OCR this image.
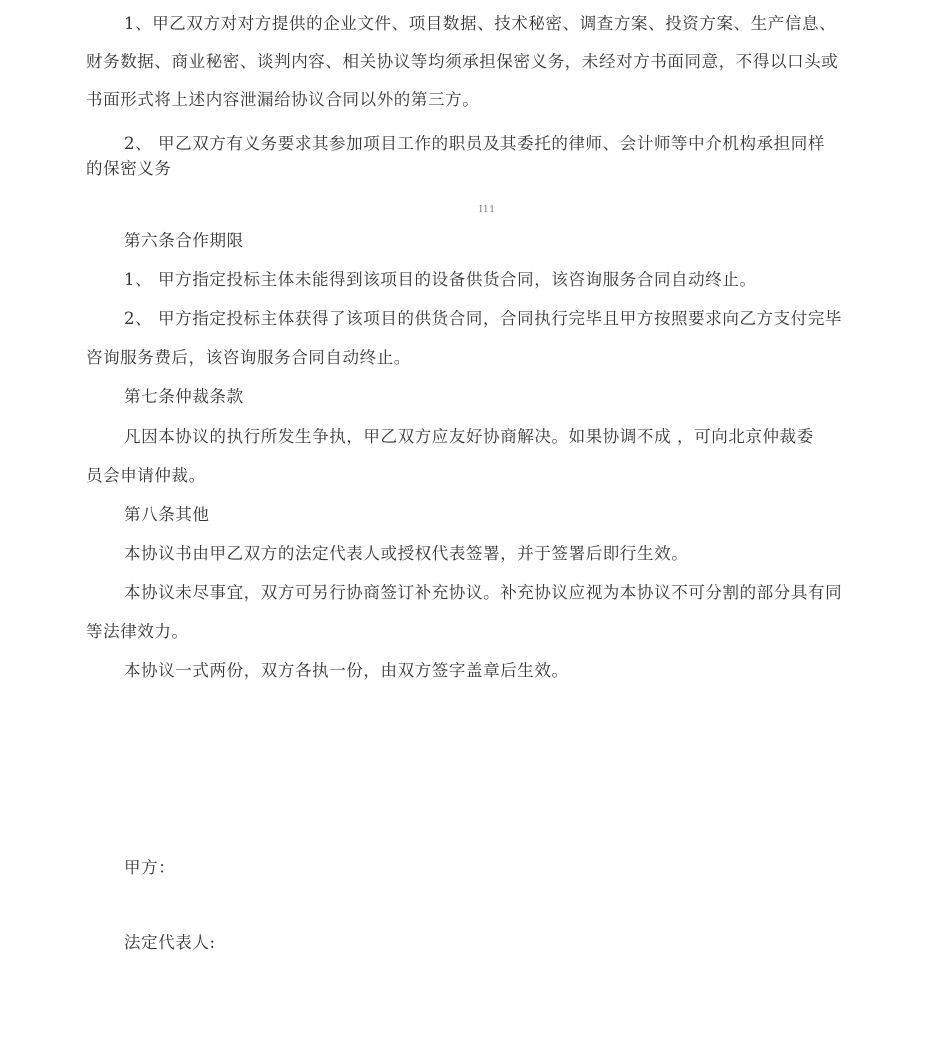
1、甲乙双方对对方提供的企业文件、项目数据、技术秘密、调查方案、投资方案、生产信息、
财务数据、商业秘密、谈判内容、相关协议等均须承担保密义务，未经对方书面同意，不得以口头或
书面形式将上述内容泄漏给协议合同以外的第三方。
2、 甲乙双方有义务要求其参加项目工作的职员及其委托的律师、会计师等中介机构承担同样
的保密义务
I11
第六条合作期限
1、 甲方指定投标主体未能得到该项目的设备供货合同，该咨询服务合同自动终止。
2、 甲方指定投标主体获得了该项目的供货合同，合同执行完毕且甲方按照要求向乙方支付完毕
咨询服务费后，该咨询服务合同自动终止。
第七条仲裁条款
凡因本协议的执行所发生争执，甲乙双方应友好协商解决。如果协调不成 ，可向北京仲裁委
员会申请仲裁。
第八条其他
本协议书由甲乙双方的法定代表人或授权代表签署，并于签署后即行生效。
本协议未尽事宜，双方可另行协商签订补充协议。补充协议应视为本协议不可分割的部分具有同
等法律效力。
本协议一式两份，双方各执一份，由双方签字盖章后生效。
甲方：
法定代表人:
